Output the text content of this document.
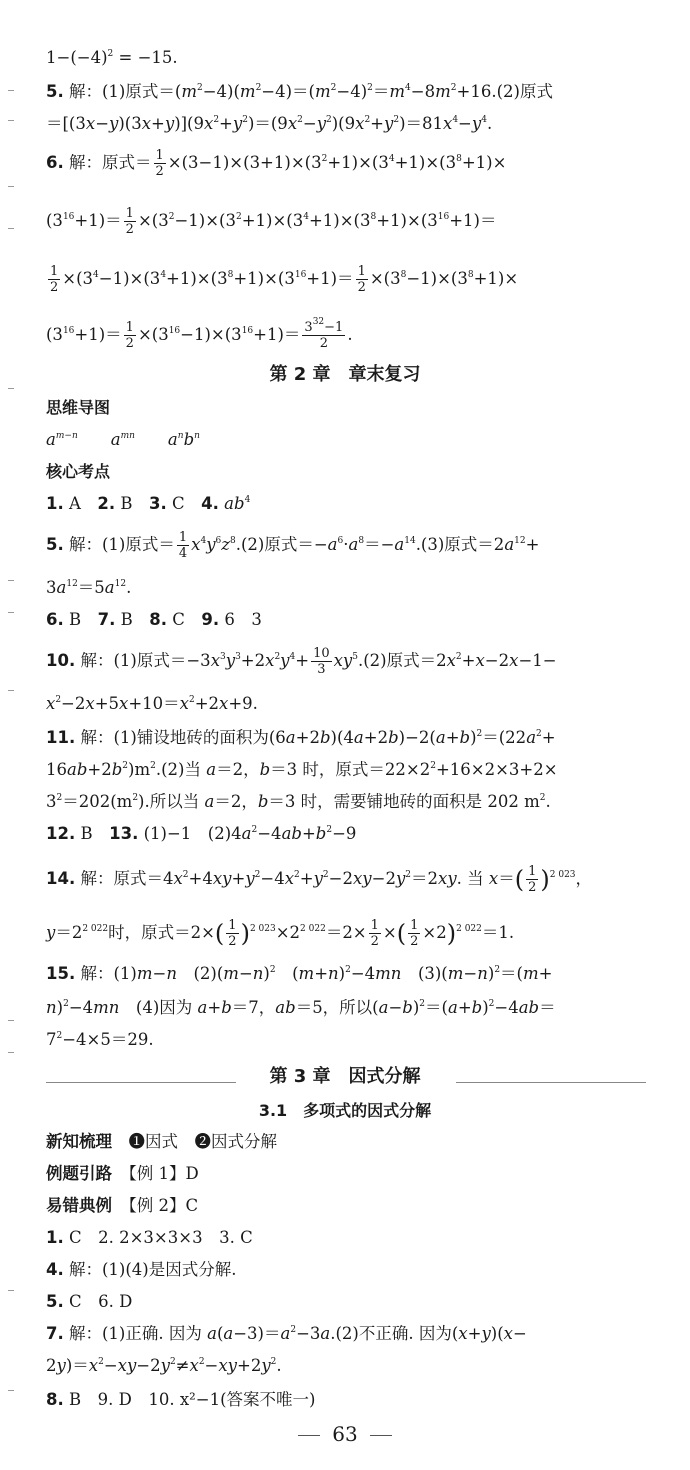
$1-(-4)^2 = -15$.
5. 解：(1)原式$=(m^2-4)(m^2-4)=(m^2-4)^2=m^4-8m^2+16.(2)$原式
$=[(3x-y)(3x+y)](9x^2+y^2)=(9x^2-y^2)(9x^2+y^2)=81x^4-y^4$.
6. 解：原式＝ $\frac{1}{2} \times(3-1)\times(3+1)\times(3^2+1)\times(3^4+1)\times(3^8+1)\times$
$(3^{16}+1)= \frac{1}{2} \times(3^2-1)\times(3^2+1)\times(3^4+1)\times(3^8+1)\times(3^{16}+1)=$
$\frac{1}{2} \times(3^4-1)\times(3^4+1)\times(3^8+1)\times(3^{16}+1)= \frac{1}{2} \times(3^8-1)\times(3^8+1)\times$
$(3^{16}+1)= \frac{1}{2} \times(3^{16}-1)\times(3^{16}+1)= \frac{3^{32}-1}{2}$ .
第 2 章　章末复习
思维导图
$a^{m-n}$　　 $a^{mn}$　　 $a^nb^n$
核心考点
1. A　2. B　3. C　4. $ab^4$
5. 解：(1)原式＝ $\frac{1}{4} x^4y^6z^8.(2)$原式$=-a^6\cdot a^8=-a^{14}.(3)$原式$=2a^{12}+$
$3a^{12}=5a^{12}$.
6. B　7. B　8. C　9. 6　3
10. 解：(1)原式$=-3x^3y^3+2x^2y^4+ \frac{10}{3} xy^5.(2)$原式$=2x^2+x-2x-1-$
$x^2-2x+5x+10=x^2+2x+9$.
11. 解：(1)铺设地砖的面积为$(6a+2b)(4a+2b)-2(a+b)^2=(22a^2+$
$16ab+2b^2)m^2.(2)$当 a＝2，b＝3 时，原式$=22\times 2^2+16\times 2\times 3+2\times$
$3^2=202(m^2)$.所以当 a＝2，b＝3 时，需要铺地砖的面积是 202 $m^2$.
12. B　13. (1)−1　$(2)4a^2-4ab+b^2-9$
14. 解：原式$=4x^2+4xy+y^2-4x^2+y^2-2xy-2y^2=2xy$. 当 $x=( \frac{1}{2} )^{2 023}$，
$y=2^{2 022}$时，原式$=2\times( \frac{1}{2} )^{2 023}\times 2^{2 022}=2\times \frac{1}{2}$ ×( $\frac{1}{2} \times 2)^{2 022}=1$.
15. 解：(1)m−n　$(2)(m-n)^2$　$(m+n)^2-4mn$　$(3)(m-n)^2=(m+$
n)$^2$−4mn　(4)因为 a+b＝7，ab＝5，所以$(a-b)^2=(a+b)^2-4ab=$
$7^2-4\times 5=29$.
第 3 章　因式分解
3.1　多项式的因式分解
新知梳理　 ❶因式　❷因式分解
例题引路　 【例 1】D
易错典例　 【例 2】C
1. C　2. 2×3×3×3　3. C
4. 解：(1)(4)是因式分解.
5. C　6. D
7. 解：(1)正确. 因为 $a(a-3)=a^2-3a.(2)$不正确. 因为(x+y)(x−
$2y)=x^2-xy-2y^2\ne x^2-xy+2y^2$.
8. B　9. D　10. x²−1(答案不唯一)
63
